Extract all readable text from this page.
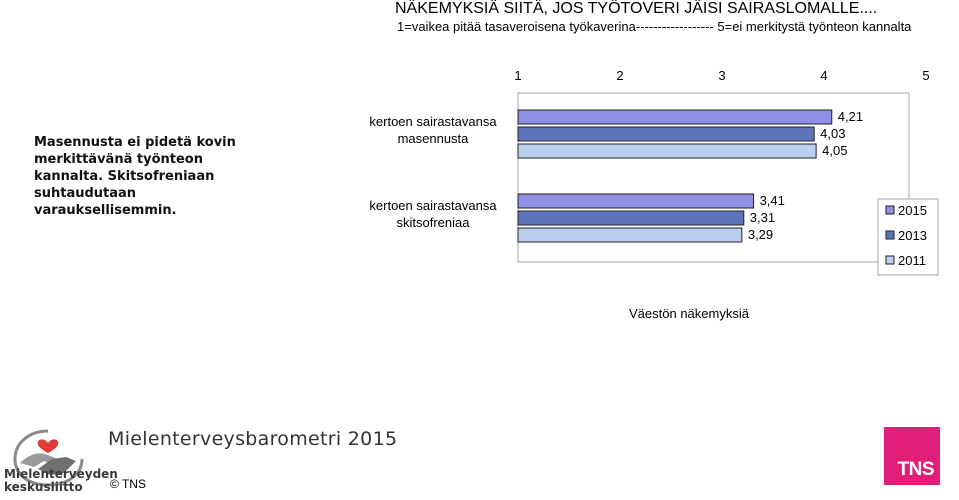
NÄKEMYKSIÄ SIITÄ, JOS TYÖTOVERI JÄISI SAIRASLOMALLE....
1=vaikea pitää tasaveroisena työkaverina------------------ 5=ei merkitystä työnteon kannalta
Masennusta ei pidetä kovin merkittävänä työnteon kannalta. Skitsofreniaan suhtaudutaan varauksellisemmin.
1	2	3	4	5
kertoen sairastavansa masennusta
kertoen sairastavansa skitsofreniaa
4,21
4,03
4,05
3,41
3,31
3,29
2015
2013
2011
Väestön näkemyksiä
Mielenterveyden
keskusliitto
Mielenterveysbarometri 2015
© TNS
TNS
